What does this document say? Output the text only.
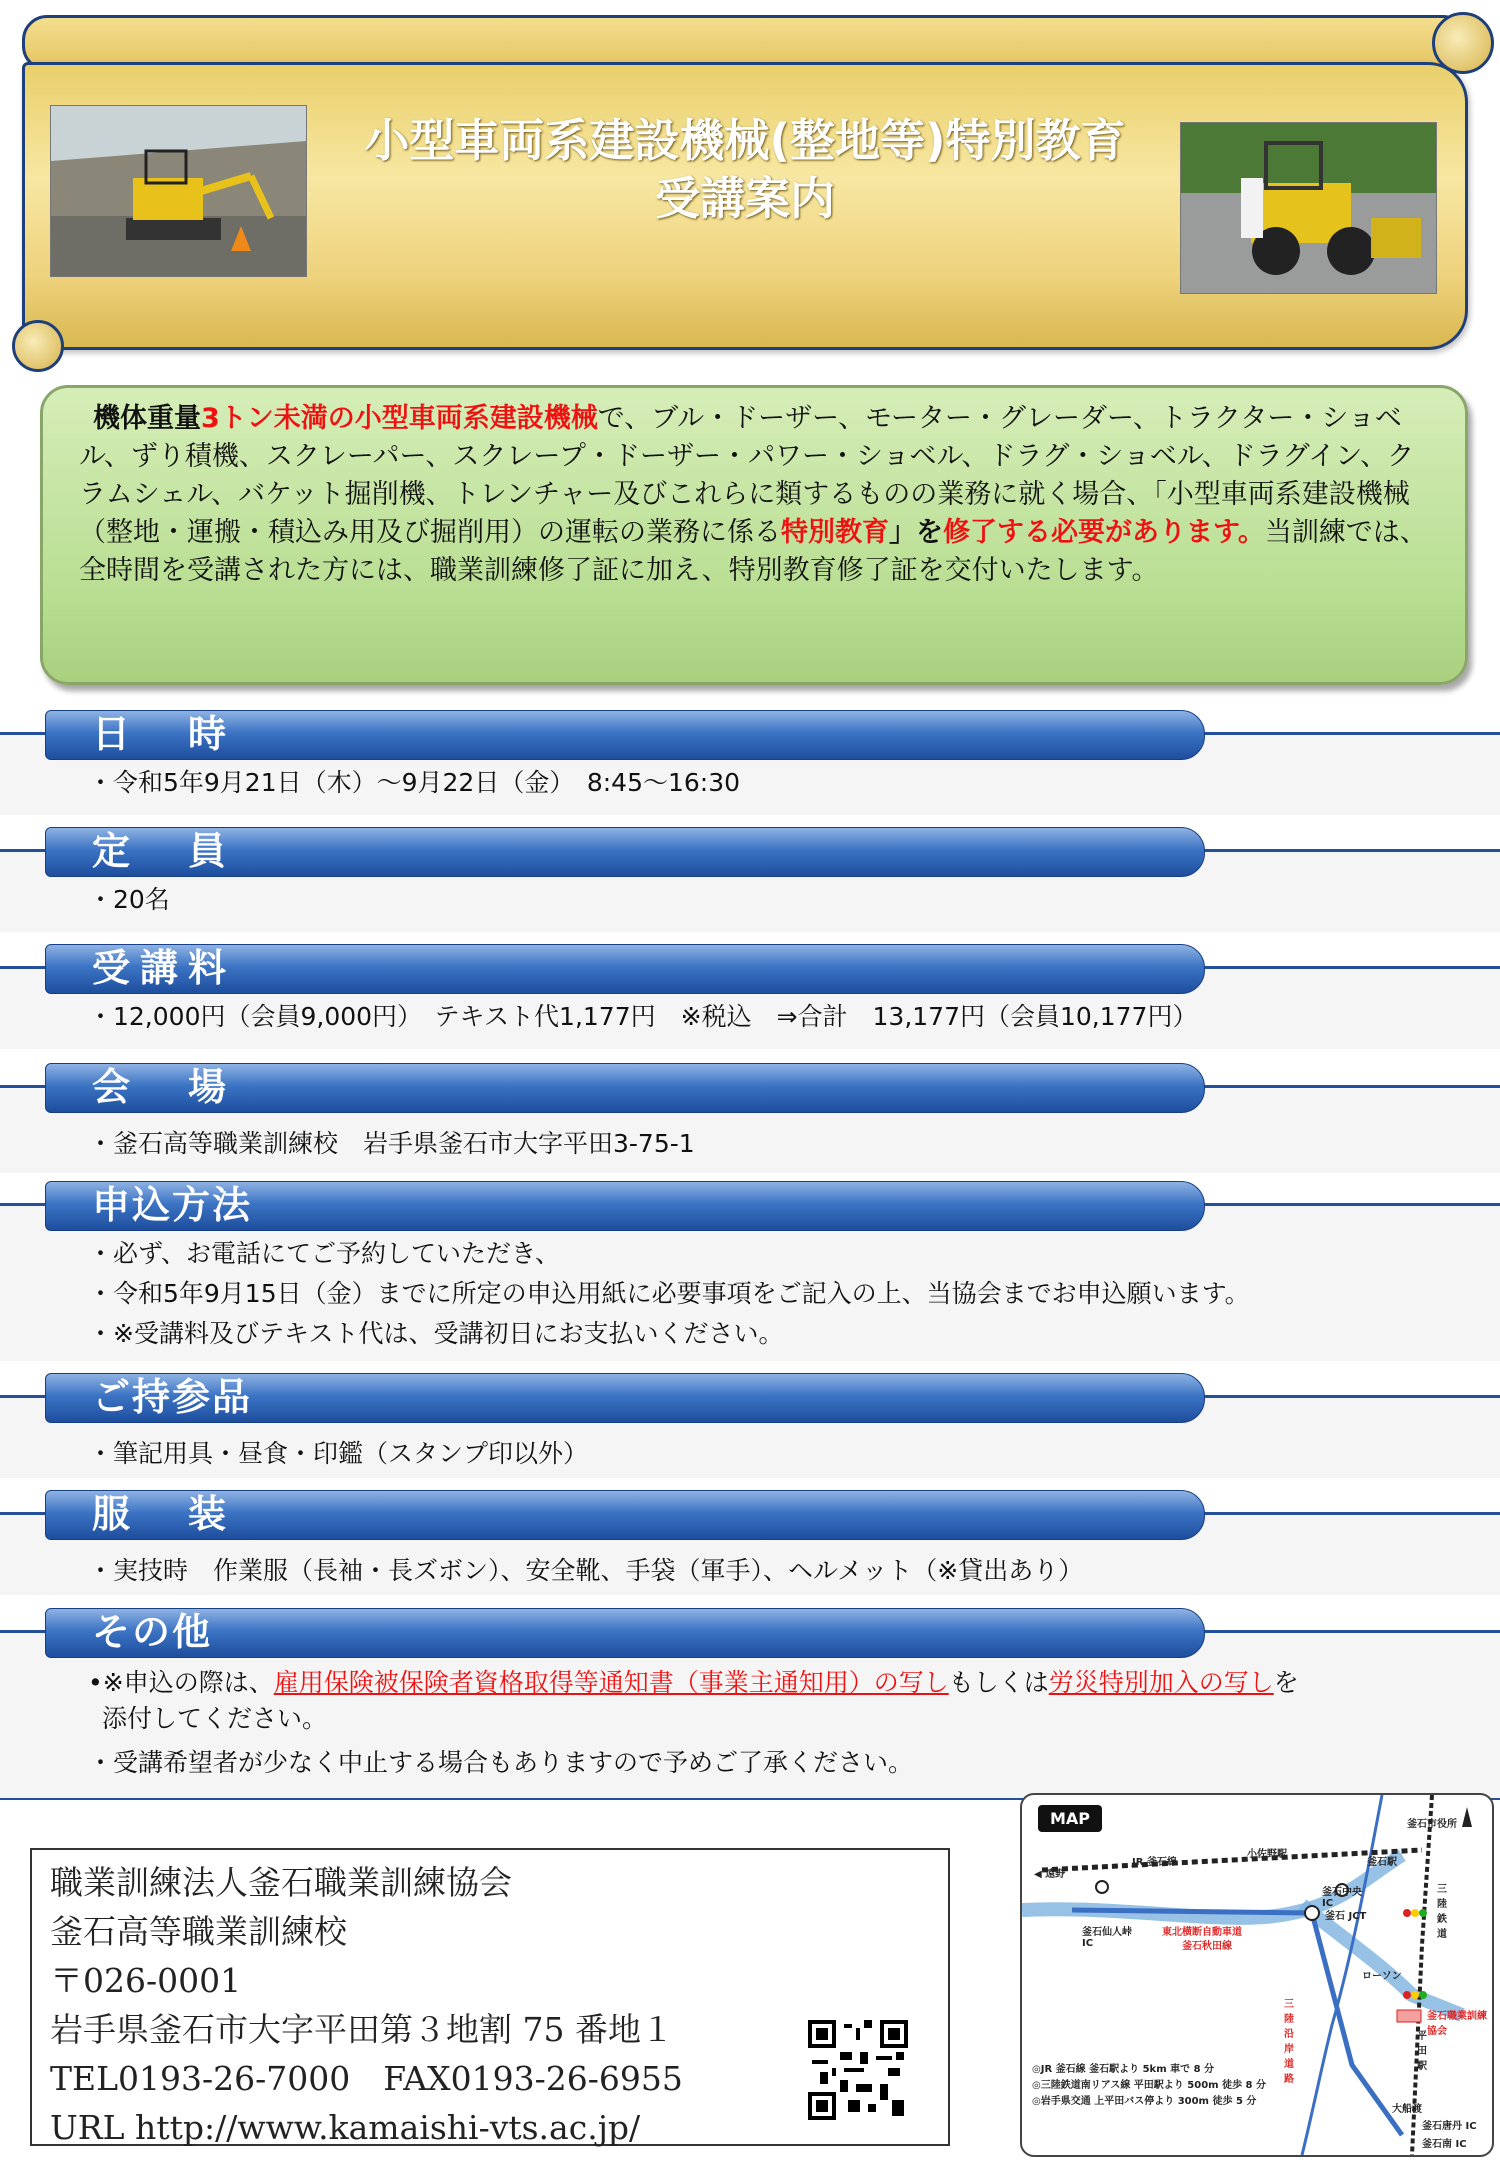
小型車両系建設機械(整地等)特別教育
受講案内
機体重量3トン未満の小型車両系建設機械で、ブル・ドーザー、モーター・グレーダー、トラクター・ショベル、ずり積機、スクレーパー、スクレープ・ドーザー・パワー・ショベル、ドラグ・ショベル、ドラグイン、クラムシェル、バケット掘削機、トレンチャー及びこれらに類するものの業務に就く場合、「小型車両系建設機械（整地・運搬・積込み用及び掘削用）の運転の業務に係る特別教育」を修了する必要があります。当訓練では、全時間を受講された方には、職業訓練修了証に加え、特別教育修了証を交付いたします。
日　時
・令和5年9月21日（木）～9月22日（金）　8:45～16:30
定　員
・20名
受講料
・12,000円（会員9,000円）　テキスト代1,177円　※税込　⇒合計　13,177円（会員10,177円）
会　場
・釜石高等職業訓練校　岩手県釜石市大字平田3-75-1
申込方法
・必ず、お電話にてご予約していただき、
・令和5年9月15日（金）までに所定の申込用紙に必要事項をご記入の上、当協会までお申込願います。
・※受講料及びテキスト代は、受講初日にお支払いください。
ご持参品
・筆記用具・昼食・印鑑（スタンプ印以外）
服　装
・実技時　作業服（長袖・長ズボン）、安全靴、手袋（軍手）、ヘルメット（※貸出あり）
その他
•※申込の際は、雇用保険被保険者資格取得等通知書（事業主通知用）の写しもしくは労災特別加入の写しを
添付してください。
・受講希望者が少なく中止する場合もありますので予めご了承ください。
職業訓練法人釜石職業訓練協会
釜石高等職業訓練校
〒026-0001
岩手県釜石市大字平田第３地割 75 番地１
TEL0193-26-7000　FAX0193-26-6955
URL http://www.kamaishi-vts.ac.jp/
MAP
◀ 遠野
JR 釜石線
小佐野駅
釜石市役所
釜石駅
釜石中央 IC
釜石 JCT
釜石仙人峠 IC
東北横断自動車道
釜石秋田線
三陸鉄道
ローソン
三陸沿岸道路
平田駅
釜石職業訓練協会
大船渡
釜石唐丹 IC
釜石南 IC
◎JR 釜石線 釜石駅より 5km 車で 8 分
◎三陸鉄道南リアス線 平田駅より 500m 徒歩 8 分
◎岩手県交通 上平田バス停より 300m 徒歩 5 分
